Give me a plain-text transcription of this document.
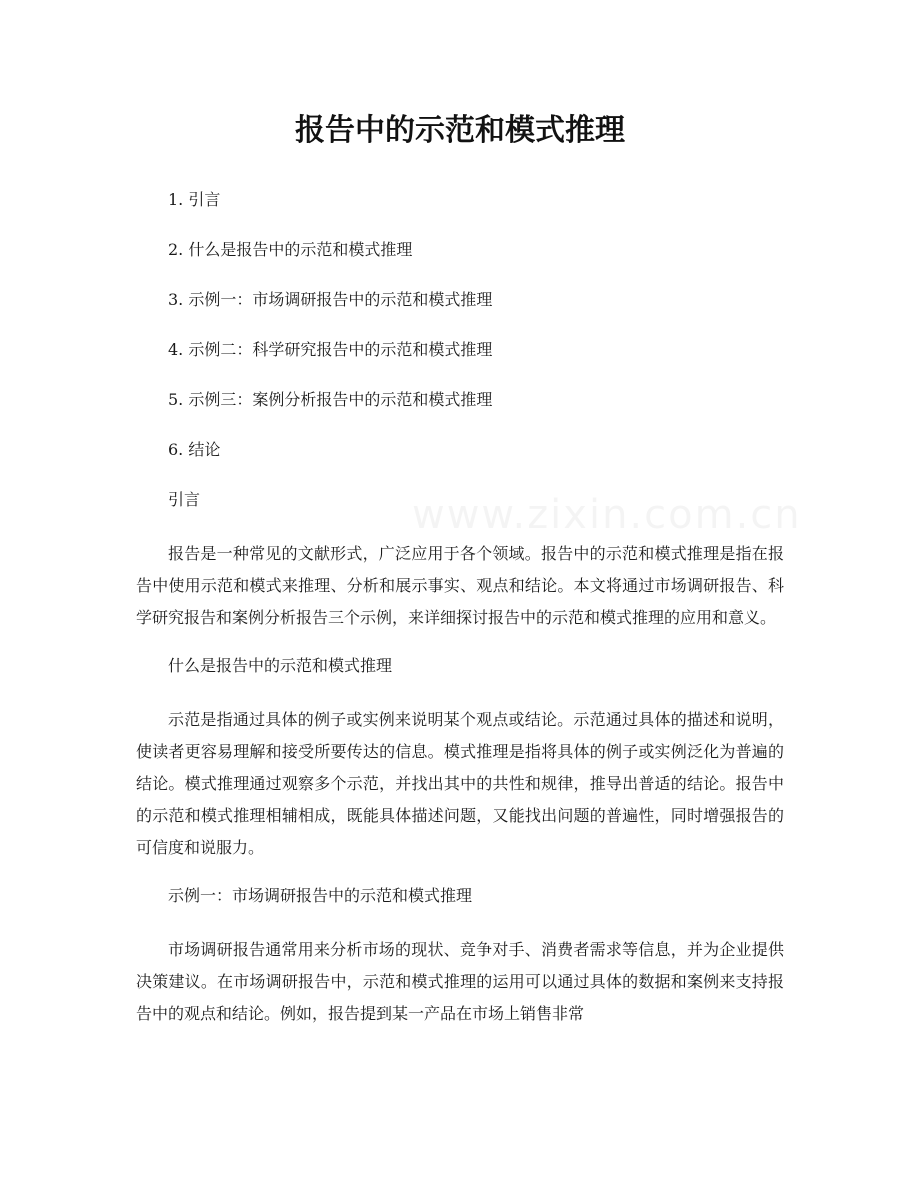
报告中的示范和模式推理
1. 引言
2. 什么是报告中的示范和模式推理
3. 示例一：市场调研报告中的示范和模式推理
4. 示例二：科学研究报告中的示范和模式推理
5. 示例三：案例分析报告中的示范和模式推理
6. 结论
引言

报告是一种常见的文献形式，广泛应用于各个领域。报告中的示范和模式推理是指在报告中使用示范和模式来推理、分析和展示事实、观点和结论。本文将通过市场调研报告、科学研究报告和案例分析报告三个示例，来详细探讨报告中的示范和模式推理的应用和意义。

什么是报告中的示范和模式推理

示范是指通过具体的例子或实例来说明某个观点或结论。示范通过具体的描述和说明，使读者更容易理解和接受所要传达的信息。模式推理是指将具体的例子或实例泛化为普遍的结论。模式推理通过观察多个示范，并找出其中的共性和规律，推导出普适的结论。报告中的示范和模式推理相辅相成，既能具体描述问题，又能找出问题的普遍性，同时增强报告的可信度和说服力。

示例一：市场调研报告中的示范和模式推理

市场调研报告通常用来分析市场的现状、竞争对手、消费者需求等信息，并为企业提供决策建议。在市场调研报告中，示范和模式推理的运用可以通过具体的数据和案例来支持报告中的观点和结论。例如，报告提到某一产品在市场上销售非常
